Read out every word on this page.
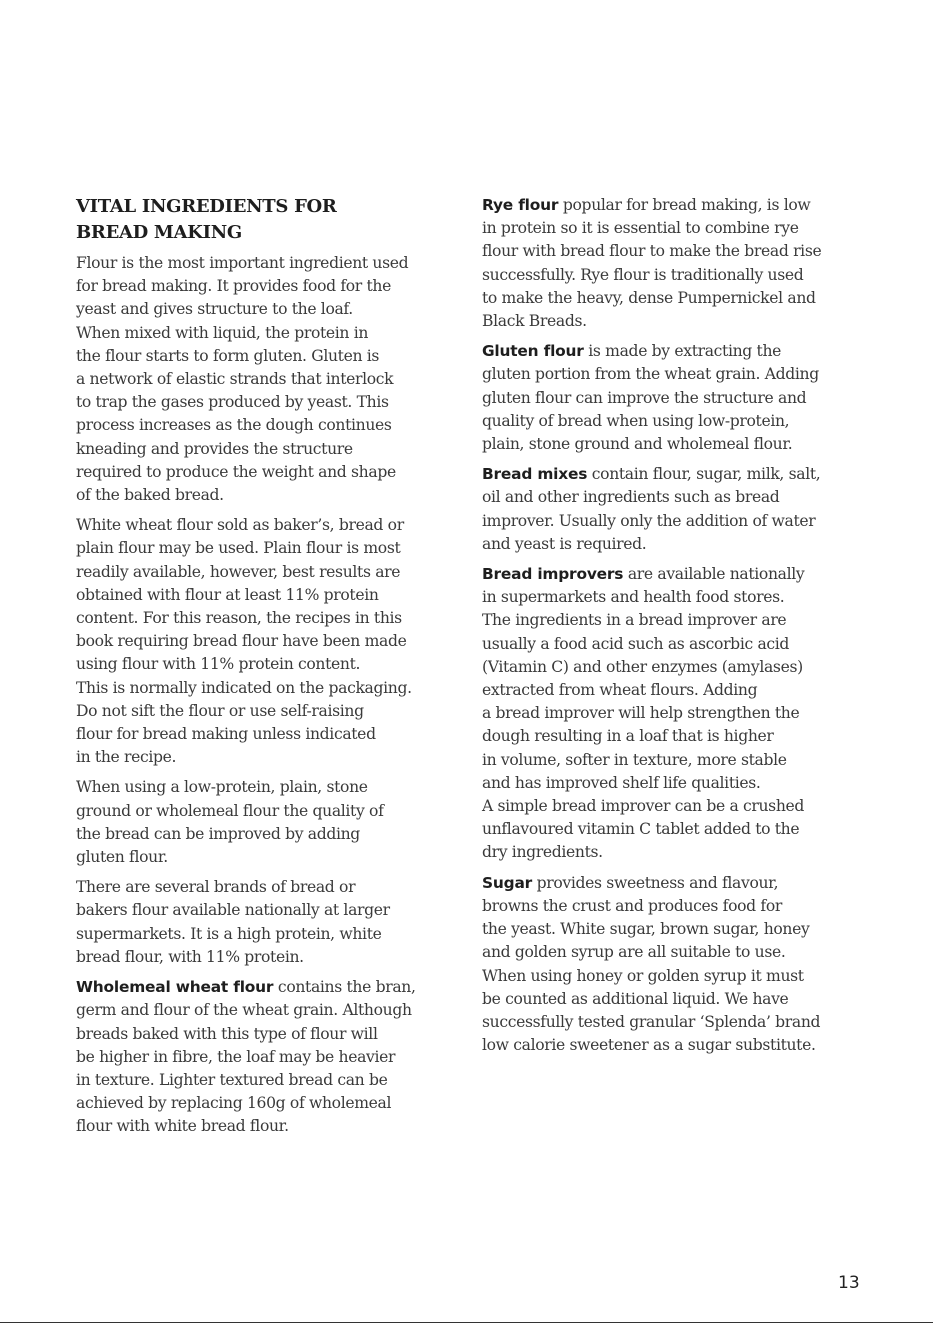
VITAL INGREDIENTS FOR
BREAD MAKING

Flour is the most important ingredient used
for bread making. It provides food for the
yeast and gives structure to the loaf.
When mixed with liquid, the protein in
the flour starts to form gluten. Gluten is
a network of elastic strands that interlock
to trap the gases produced by yeast. This
process increases as the dough continues
kneading and provides the structure
required to produce the weight and shape
of the baked bread.

White wheat flour sold as baker’s, bread or
plain flour may be used. Plain flour is most
readily available, however, best results are
obtained with flour at least 11% protein
content. For this reason, the recipes in this
book requiring bread flour have been made
using flour with 11% protein content.
This is normally indicated on the packaging.
Do not sift the flour or use self-raising
flour for bread making unless indicated
in the recipe.

When using a low-protein, plain, stone
ground or wholemeal flour the quality of
the bread can be improved by adding
gluten flour.

There are several brands of bread or
bakers flour available nationally at larger
supermarkets. It is a high protein, white
bread flour, with 11% protein.

Wholemeal wheat flour contains the bran,
germ and flour of the wheat grain. Although
breads baked with this type of flour will
be higher in fibre, the loaf may be heavier
in texture. Lighter textured bread can be
achieved by replacing 160g of wholemeal
flour with white bread flour.

Rye flour popular for bread making, is low
in protein so it is essential to combine rye
flour with bread flour to make the bread rise
successfully. Rye flour is traditionally used
to make the heavy, dense Pumpernickel and
Black Breads.

Gluten flour is made by extracting the
gluten portion from the wheat grain. Adding
gluten flour can improve the structure and
quality of bread when using low-protein,
plain, stone ground and wholemeal flour.

Bread mixes contain flour, sugar, milk, salt,
oil and other ingredients such as bread
improver. Usually only the addition of water
and yeast is required.

Bread improvers are available nationally
in supermarkets and health food stores.
The ingredients in a bread improver are
usually a food acid such as ascorbic acid
(Vitamin C) and other enzymes (amylases)
extracted from wheat flours. Adding
a bread improver will help strengthen the
dough resulting in a loaf that is higher
in volume, softer in texture, more stable
and has improved shelf life qualities.
A simple bread improver can be a crushed
unflavoured vitamin C tablet added to the
dry ingredients.

Sugar provides sweetness and flavour,
browns the crust and produces food for
the yeast. White sugar, brown sugar, honey
and golden syrup are all suitable to use.
When using honey or golden syrup it must
be counted as additional liquid. We have
successfully tested granular ‘Splenda’ brand
low calorie sweetener as a sugar substitute.

13
